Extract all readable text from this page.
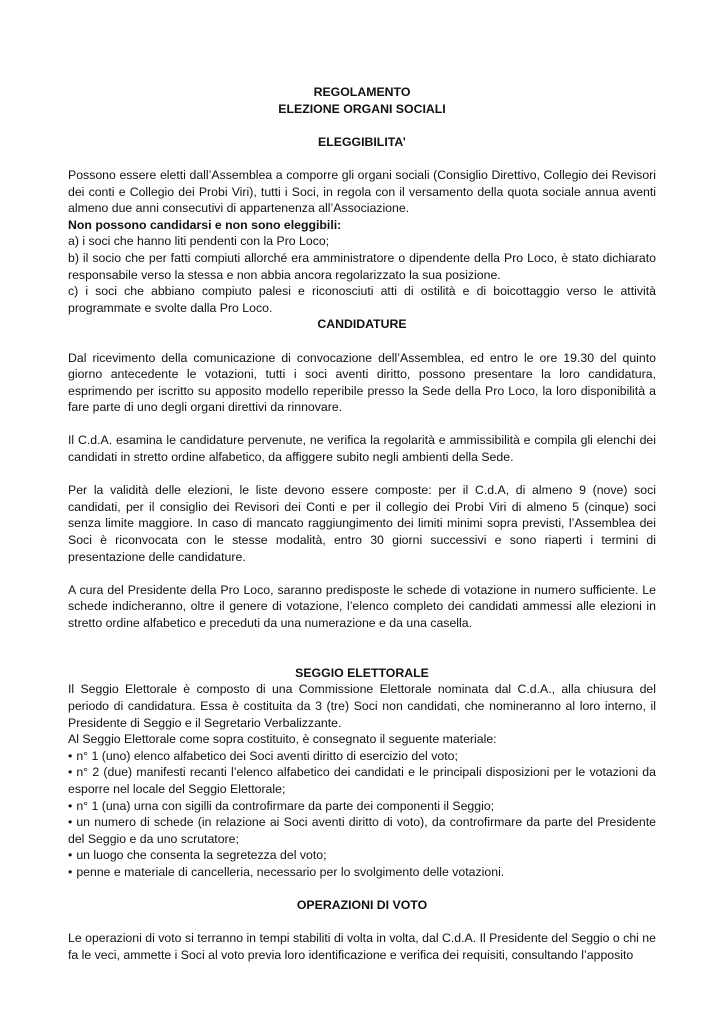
REGOLAMENTO

ELEZIONE ORGANI SOCIALI

ELEGGIBILITA’

Possono essere eletti dall’Assemblea a comporre gli organi sociali (Consiglio Direttivo, Collegio dei Revisori dei conti e Collegio dei Probi Viri), tutti i Soci, in regola con il versamento della quota sociale annua aventi almeno due anni consecutivi di appartenenza all’Associazione.

Non possono candidarsi e non sono eleggibili:

a) i soci che hanno liti pendenti con la Pro Loco;

b) il socio che per fatti compiuti allorché era amministratore o dipendente della Pro Loco, è stato dichiarato responsabile verso la stessa e non abbia ancora regolarizzato la sua posizione.

c) i soci che abbiano compiuto palesi e riconosciuti atti di ostilità e di boicottaggio verso le attività programmate e svolte dalla Pro Loco.

CANDIDATURE

Dal ricevimento della comunicazione di convocazione dell’Assemblea, ed entro le ore 19.30 del quinto giorno antecedente le votazioni, tutti i soci aventi diritto, possono presentare la loro candidatura, esprimendo per iscritto su apposito modello reperibile presso la Sede della Pro Loco, la loro disponibilità a fare parte di uno degli organi direttivi da rinnovare.

Il C.d.A. esamina le candidature pervenute, ne verifica la regolarità e ammissibilità e compila gli elenchi dei candidati in stretto ordine alfabetico, da affiggere subito negli ambienti della Sede.

Per la validità delle elezioni, le liste devono essere composte: per il C.d.A, di almeno 9 (nove) soci candidati, per il consiglio dei Revisori dei Conti e per il collegio dei Probi Viri di almeno 5 (cinque) soci senza limite maggiore. In caso di mancato raggiungimento dei limiti minimi sopra previsti, l’Assemblea dei Soci è riconvocata con le stesse modalità, entro 30 giorni successivi e sono riaperti i termini di presentazione delle candidature.

A cura del Presidente della Pro Loco, saranno predisposte le schede di votazione in numero sufficiente. Le schede indicheranno, oltre il genere di votazione, l’elenco completo dei candidati ammessi alle elezioni in stretto ordine alfabetico e preceduti da una numerazione e da una casella.

SEGGIO ELETTORALE

Il Seggio Elettorale è composto di una Commissione Elettorale nominata dal C.d.A., alla chiusura del periodo di candidatura. Essa è costituita da 3 (tre) Soci non candidati, che nomineranno al loro interno, il Presidente di Seggio e il Segretario Verbalizzante.

Al Seggio Elettorale come sopra costituito, è consegnato il seguente materiale:

• n° 1 (uno) elenco alfabetico dei Soci aventi diritto di esercizio del voto;
• n° 2 (due) manifesti recanti l’elenco alfabetico dei candidati e le principali disposizioni per le votazioni da esporre nel locale del Seggio Elettorale;
• n° 1 (una) urna con sigilli da controfirmare da parte dei componenti il Seggio;
• un numero di schede (in relazione ai Soci aventi diritto di voto), da controfirmare da parte del Presidente del Seggio e da uno scrutatore;
• un luogo che consenta la segretezza del voto;
• penne e materiale di cancelleria, necessario per lo svolgimento delle votazioni.

OPERAZIONI DI VOTO

Le operazioni di voto si terranno in tempi stabiliti di volta in volta, dal C.d.A. Il Presidente del Seggio o chi ne fa le veci, ammette i Soci al voto previa loro identificazione e verifica dei requisiti, consultando l’apposito
